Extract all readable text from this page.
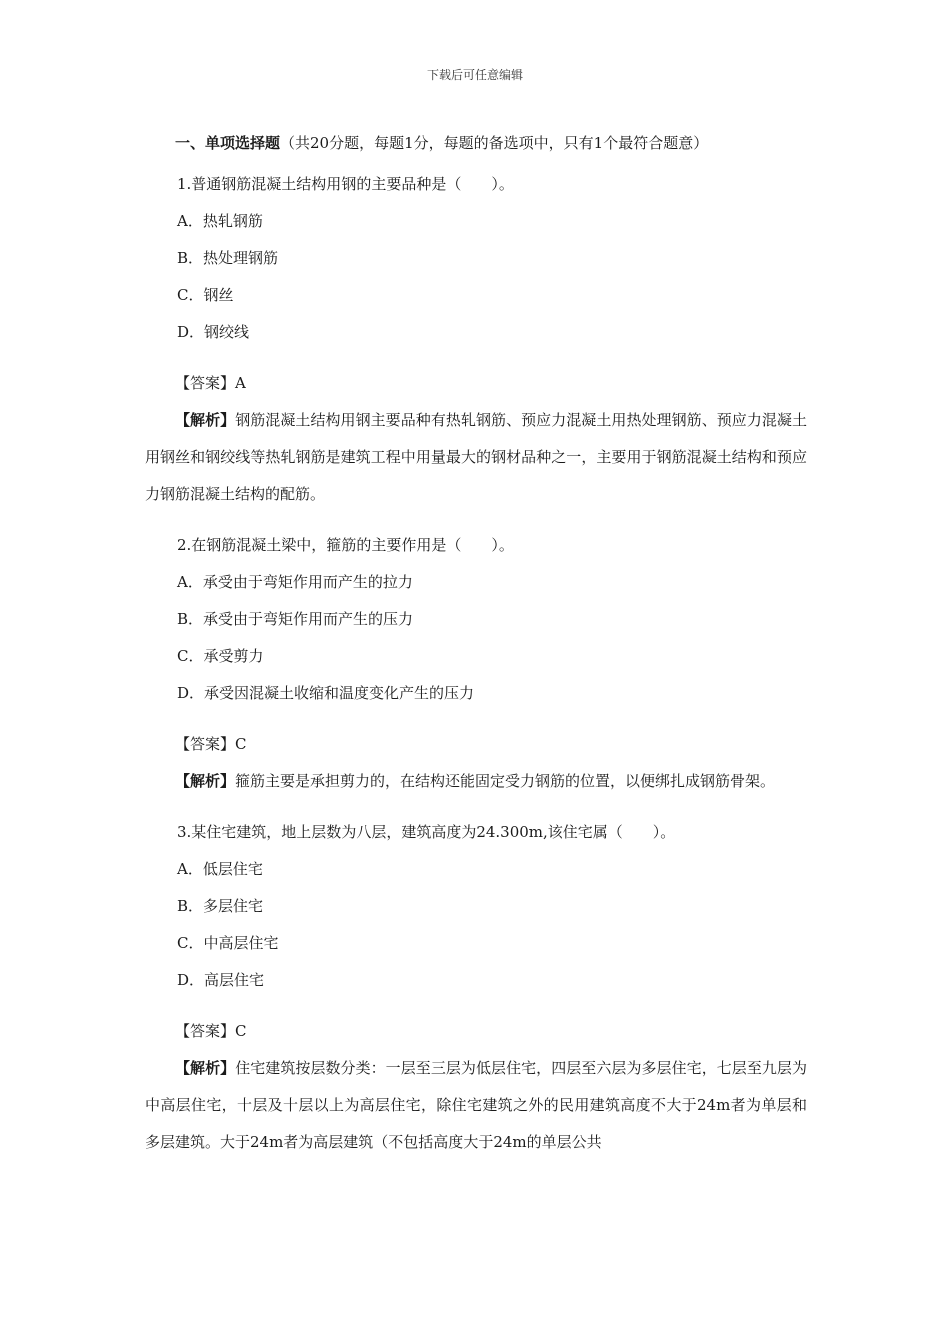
下载后可任意编辑
一、单项选择题（共20分题，每题1分，每题的备选项中，只有1个最符合题意）
1.普通钢筋混凝土结构用钢的主要品种是（　　）。
A．热轧钢筋
B．热处理钢筋
C．钢丝
D．钢绞线
【答案】A
【解析】钢筋混凝土结构用钢主要品种有热轧钢筋、预应力混凝土用热处理钢筋、预应力混凝土用钢丝和钢绞线等热轧钢筋是建筑工程中用量最大的钢材品种之一，主要用于钢筋混凝土结构和预应力钢筋混凝土结构的配筋。
2.在钢筋混凝土梁中，箍筋的主要作用是（　　）。
A．承受由于弯矩作用而产生的拉力
B．承受由于弯矩作用而产生的压力
C．承受剪力
D．承受因混凝土收缩和温度变化产生的压力
【答案】C
【解析】箍筋主要是承担剪力的，在结构还能固定受力钢筋的位置，以便绑扎成钢筋骨架。
3.某住宅建筑，地上层数为八层，建筑高度为24.300m,该住宅属（　　）。
A．低层住宅
B．多层住宅
C．中高层住宅
D．高层住宅
【答案】C
【解析】住宅建筑按层数分类：一层至三层为低层住宅，四层至六层为多层住宅，七层至九层为中高层住宅，十层及十层以上为高层住宅，除住宅建筑之外的民用建筑高度不大于24m者为单层和多层建筑。大于24m者为高层建筑（不包括高度大于24m的单层公共
